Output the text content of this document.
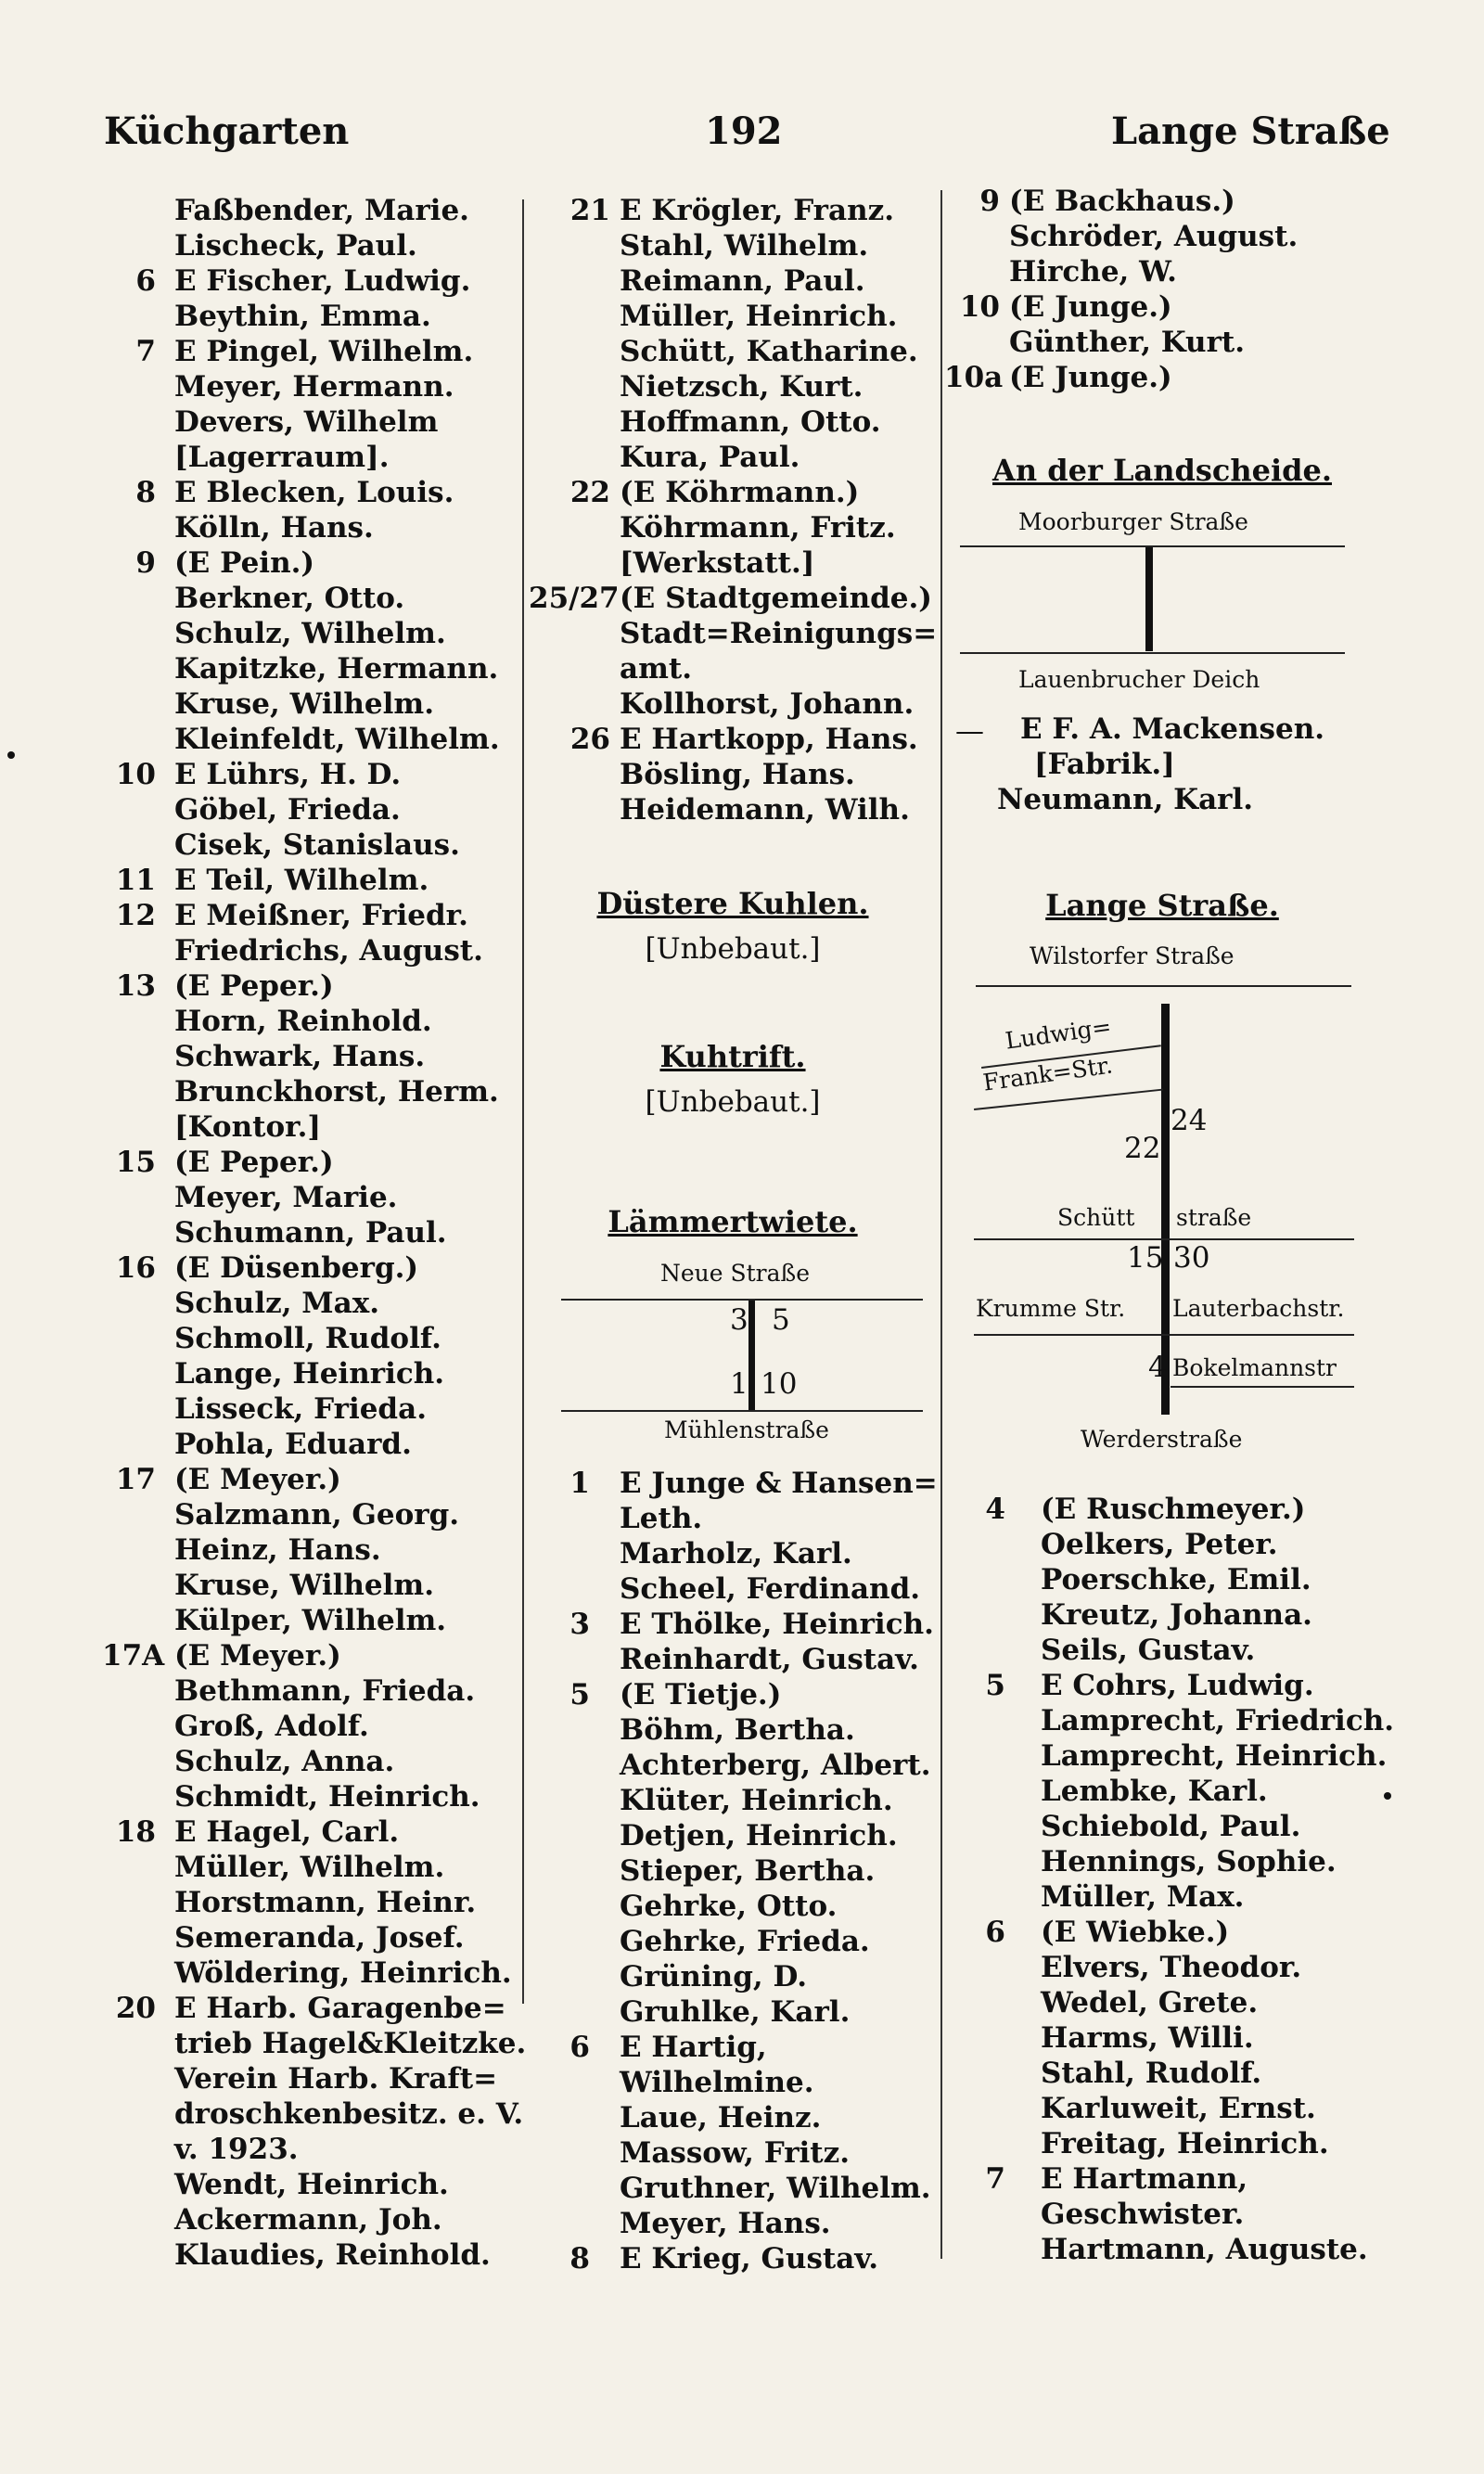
Küchgarten	192	Lange Straße
Faßbender, Marie.
Lischeck, Paul.
6 E Fischer, Ludwig.
Beythin, Emma.
7 E Pingel, Wilhelm.
Meyer, Hermann.
Devers, Wilhelm
[Lagerraum].
8 E Blecken, Louis.
Kölln, Hans.
9 (E Pein.)
Berkner, Otto.
Schulz, Wilhelm.
Kapitzke, Hermann.
Kruse, Wilhelm.
Kleinfeldt, Wilhelm.
10 E Lührs, H. D.
Göbel, Frieda.
Cisek, Stanislaus.
11 E Teil, Wilhelm.
12 E Meißner, Friedr.
Friedrichs, August.
13 (E Peper.)
Horn, Reinhold.
Schwark, Hans.
Brunckhorst, Herm.
[Kontor.]
15 (E Peper.)
Meyer, Marie.
Schumann, Paul.
16 (E Düsenberg.)
Schulz, Max.
Schmoll, Rudolf.
Lange, Heinrich.
Lisseck, Frieda.
Pohla, Eduard.
17 (E Meyer.)
Salzmann, Georg.
Heinz, Hans.
Kruse, Wilhelm.
Külper, Wilhelm.
17A (E Meyer.)
Bethmann, Frieda.
Groß, Adolf.
Schulz, Anna.
Schmidt, Heinrich.
18 E Hagel, Carl.
Müller, Wilhelm.
Horstmann, Heinr.
Semeranda, Josef.
Wöldering, Heinrich.
20 E Harb. Garagenbe=
trieb Hagel&Kleitzke.
Verein Harb. Kraft=
droschkenbesitz. e. V.
v. 1923.
Wendt, Heinrich.
Ackermann, Joh.
Klaudies, Reinhold.
21 E Krögler, Franz.
Stahl, Wilhelm.
Reimann, Paul.
Müller, Heinrich.
Schütt, Katharine.
Nietzsch, Kurt.
Hoffmann, Otto.
Kura, Paul.
22 (E Köhrmann.)
Köhrmann, Fritz.
[Werkstatt.]
25/27 (E Stadtgemeinde.)
Stadt=Reinigungs=
amt.
Kollhorst, Johann.
26 E Hartkopp, Hans.
Bösling, Hans.
Heidemann, Wilh.
Düstere Kuhlen.
[Unbebaut.]
Kuhtrift.
[Unbebaut.]
Lämmertwiete.
Neue Straße
3 5
1 10
Mühlenstraße
1 E Junge & Hansen=
Leth.
Marholz, Karl.
Scheel, Ferdinand.
3 E Thölke, Heinrich.
Reinhardt, Gustav.
5 (E Tietje.)
Böhm, Bertha.
Achterberg, Albert.
Klüter, Heinrich.
Detjen, Heinrich.
Stieper, Bertha.
Gehrke, Otto.
Gehrke, Frieda.
Grüning, D.
Gruhlke, Karl.
6 E Hartig,
Wilhelmine.
Laue, Heinz.
Massow, Fritz.
Gruthner, Wilhelm.
Meyer, Hans.
8 E Krieg, Gustav.
9 (E Backhaus.)
Schröder, August.
Hirche, W.
10 (E Junge.)
Günther, Kurt.
10a (E Junge.)
An der Landscheide.
Moorburger Straße
Lauenbrucher Deich
— E F. A. Mackensen.
[Fabrik.]
Neumann, Karl.
Lange Straße.
Wilstorfer Straße
Ludwig=
Frank=Str.
24
22
Schütt straße
15 30
Krumme Str. Lauterbachstr.
4 Bokelmannstr
Werderstraße
4 (E Ruschmeyer.)
Oelkers, Peter.
Poerschke, Emil.
Kreutz, Johanna.
Seils, Gustav.
5 E Cohrs, Ludwig.
Lamprecht, Friedrich.
Lamprecht, Heinrich.
Lembke, Karl.
Schiebold, Paul.
Hennings, Sophie.
Müller, Max.
6 (E Wiebke.)
Elvers, Theodor.
Wedel, Grete.
Harms, Willi.
Stahl, Rudolf.
Karluweit, Ernst.
Freitag, Heinrich.
7 E Hartmann,
Geschwister.
Hartmann, Auguste.
